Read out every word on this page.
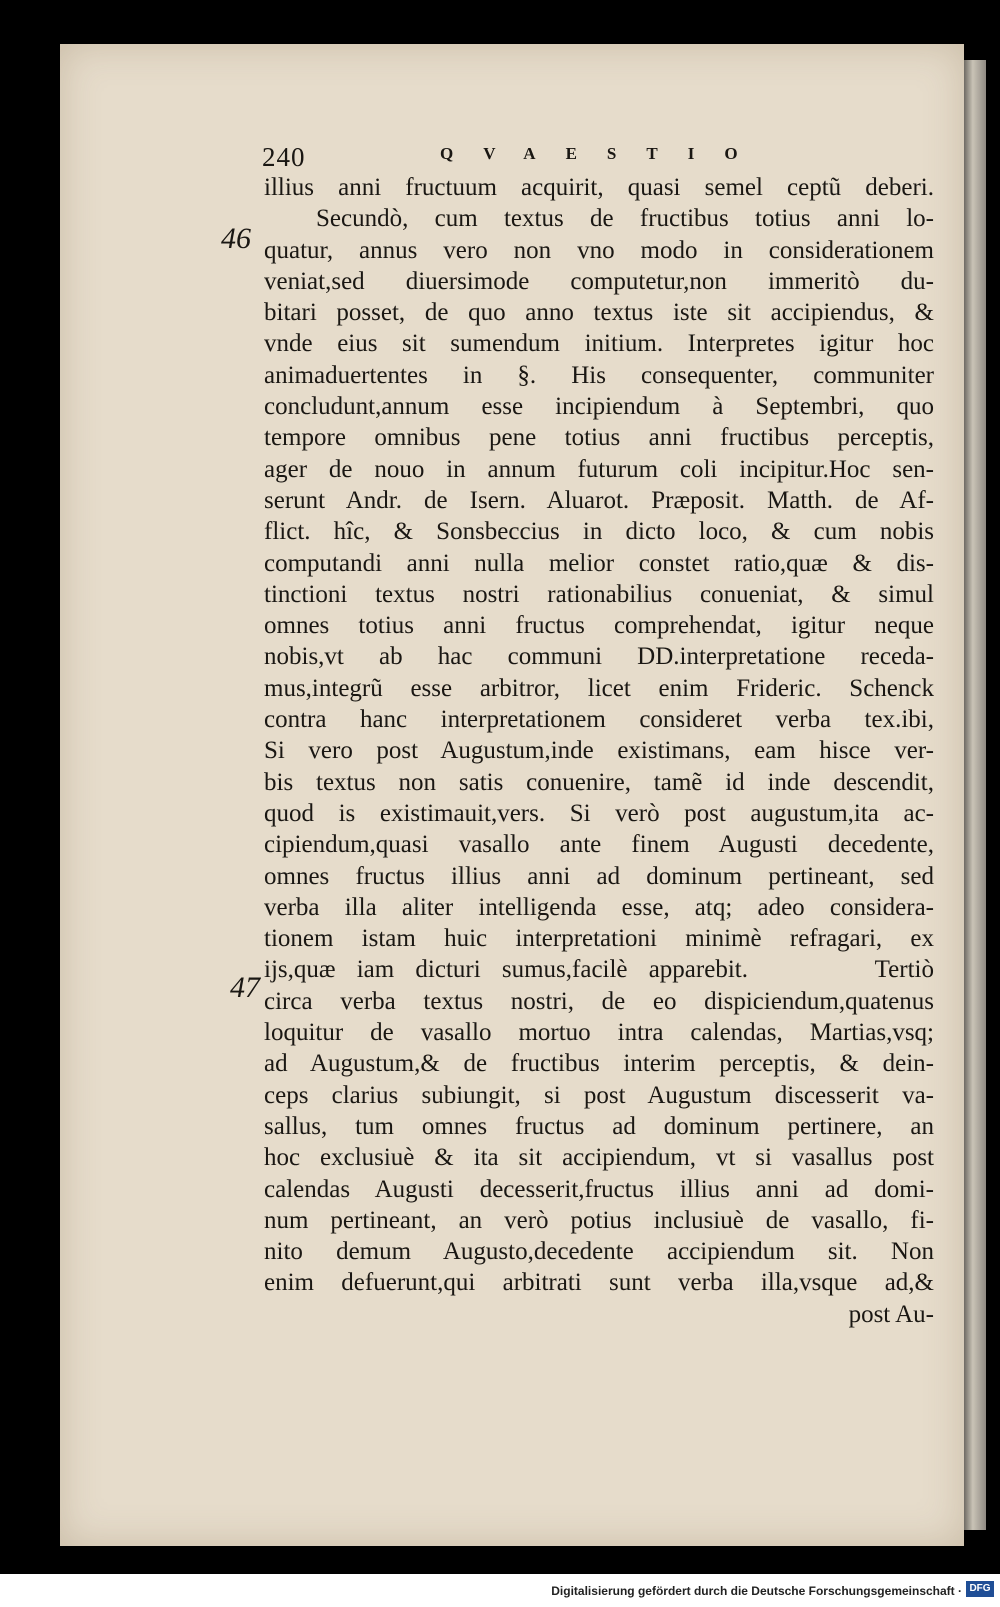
240	QVAESTIO
46
47
illius anni fructuum acquirit, quasi semel ceptũ deberi.
Secundò, cum textus de fructibus totius anni lo-
quatur, annus vero non vno modo in considerationem
veniat,sed diuersimode computetur,non immeritò du-
bitari posset, de quo anno textus iste sit accipiendus, &
vnde eius sit sumendum initium. Interpretes igitur hoc
animaduertentes in §. His consequenter, communiter
concludunt,annum esse incipiendum à Septembri, quo
tempore omnibus pene totius anni fructibus perceptis,
ager de nouo in annum futurum coli incipitur.Hoc sen-
serunt Andr. de Isern. Aluarot. Præposit. Matth. de Af-
flict. hîc, & Sonsbeccius in dicto loco, & cum nobis
computandi anni nulla melior constet ratio,quæ & dis-
tinctioni textus nostri rationabilius conueniat, & simul
omnes totius anni fructus comprehendat, igitur neque
nobis,vt ab hac communi DD.interpretatione receda-
mus,integrũ esse arbitror, licet enim Frideric. Schenck
contra hanc interpretationem consideret verba tex.ibi,
Si vero post Augustum,inde existimans, eam hisce ver-
bis textus non satis conuenire, tamẽ id inde descendit,
quod is existimauit,vers. Si verò post augustum,ita ac-
cipiendum,quasi vasallo ante finem Augusti decedente,
omnes fructus illius anni ad dominum pertineant, sed
verba illa aliter intelligenda esse, atq; adeo considera-
tionem istam huic interpretationi minimè refragari, ex
ijs,quæ iam dicturi sumus,facilè apparebit.      Tertiò
circa verba textus nostri, de eo dispiciendum,quatenus
loquitur de vasallo mortuo intra calendas, Martias,vsq;
ad Augustum,& de fructibus interim perceptis, & dein-
ceps clarius subiungit, si post Augustum discesserit va-
sallus, tum omnes fructus ad dominum pertinere, an
hoc exclusiuè & ita sit accipiendum, vt si vasallus post
calendas Augusti decesserit,fructus illius anni ad domi-
num pertineant, an verò potius inclusiuè de vasallo, fi-
nito demum Augusto,decedente accipiendum sit. Non
enim defuerunt,qui arbitrati sunt verba illa,vsque ad,&
post Au-
Digitalisierung gefördert durch die Deutsche Forschungsgemeinschaft · DFG
